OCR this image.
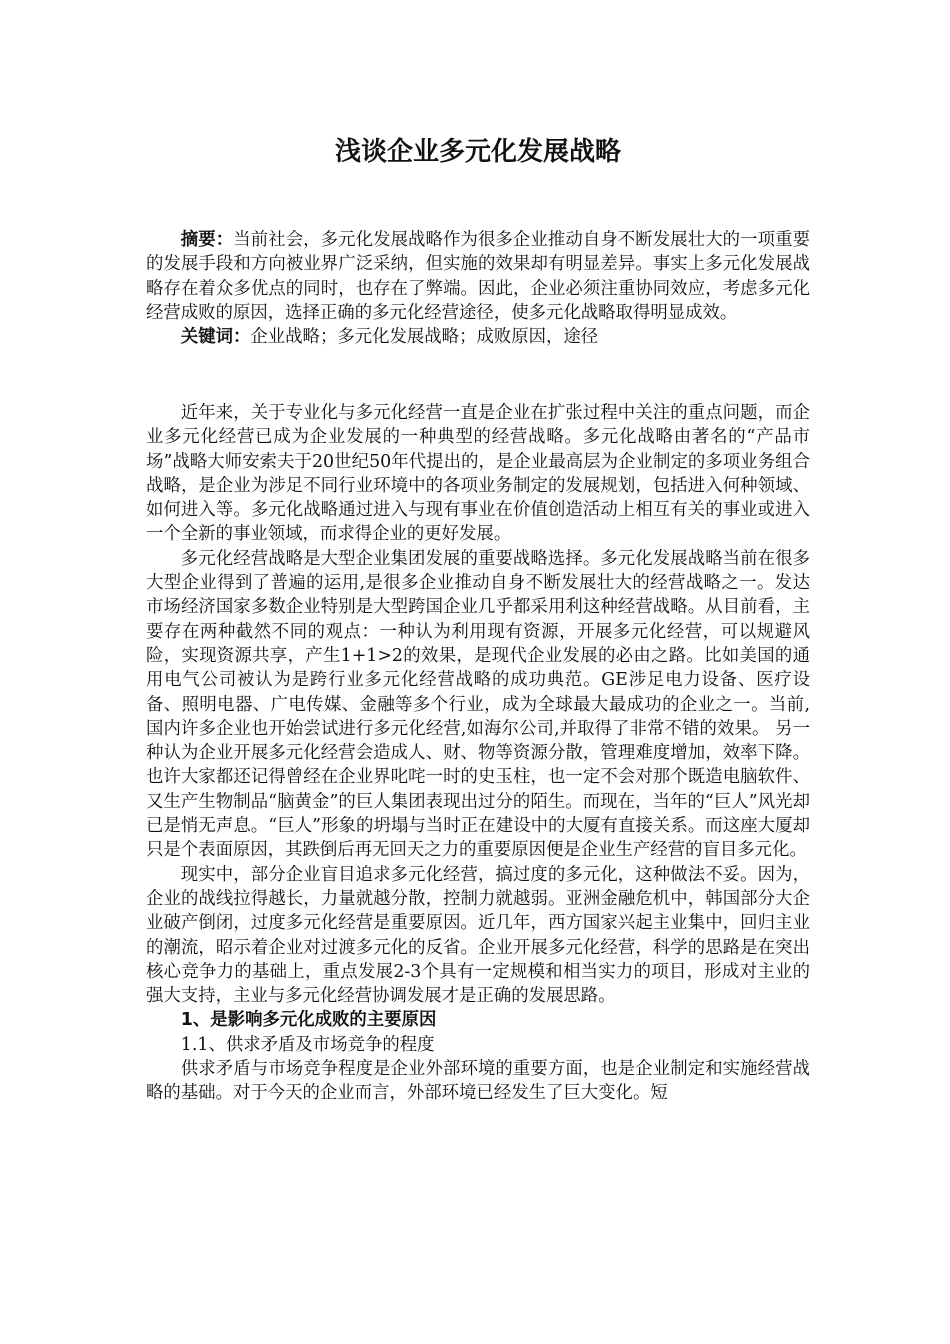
浅谈企业多元化发展战略

摘要：当前社会，多元化发展战略作为很多企业推动自身不断发展壮大的一项重要的发展手段和方向被业界广泛采纳，但实施的效果却有明显差异。事实上多元化发展战略存在着众多优点的同时，也存在了弊端。因此，企业必须注重协同效应，考虑多元化经营成败的原因，选择正确的多元化经营途径，使多元化战略取得明显成效。

关键词：企业战略；多元化发展战略；成败原因，途径

近年来，关于专业化与多元化经营一直是企业在扩张过程中关注的重点问题，而企业多元化经营已成为企业发展的一种典型的经营战略。多元化战略由著名的“产品市场”战略大师安索夫于20世纪50年代提出的，是企业最高层为企业制定的多项业务组合战略，是企业为涉足不同行业环境中的各项业务制定的发展规划，包括进入何种领域、如何进入等。多元化战略通过进入与现有事业在价值创造活动上相互有关的事业或进入一个全新的事业领域，而求得企业的更好发展。

多元化经营战略是大型企业集团发展的重要战略选择。多元化发展战略当前在很多大型企业得到了普遍的运用,是很多企业推动自身不断发展壮大的经营战略之一。发达市场经济国家多数企业特别是大型跨国企业几乎都采用利这种经营战略。从目前看，主要存在两种截然不同的观点：一种认为利用现有资源，开展多元化经营，可以规避风险，实现资源共享，产生1+1>2的效果，是现代企业发展的必由之路。比如美国的通用电气公司被认为是跨行业多元化经营战略的成功典范。GE涉足电力设备、医疗设备、照明电器、广电传媒、金融等多个行业，成为全球最大最成功的企业之一。当前,国内许多企业也开始尝试进行多元化经营,如海尔公司,并取得了非常不错的效果。 另一种认为企业开展多元化经营会造成人、财、物等资源分散，管理难度增加，效率下降。也许大家都还记得曾经在企业界叱咤一时的史玉柱，也一定不会对那个既造电脑软件、又生产生物制品“脑黄金”的巨人集团表现出过分的陌生。而现在，当年的“巨人”风光却已是悄无声息。“巨人”形象的坍塌与当时正在建设中的大厦有直接关系。而这座大厦却只是个表面原因，其跌倒后再无回天之力的重要原因便是企业生产经营的盲目多元化。

现实中，部分企业盲目追求多元化经营，搞过度的多元化，这种做法不妥。因为，企业的战线拉得越长，力量就越分散，控制力就越弱。亚洲金融危机中，韩国部分大企业破产倒闭，过度多元化经营是重要原因。近几年，西方国家兴起主业集中，回归主业的潮流，昭示着企业对过渡多元化的反省。企业开展多元化经营，科学的思路是在突出核心竞争力的基础上，重点发展2-3个具有一定规模和相当实力的项目，形成对主业的强大支持，主业与多元化经营协调发展才是正确的发展思路。

1、是影响多元化成败的主要原因

1.1、供求矛盾及市场竞争的程度

供求矛盾与市场竞争程度是企业外部环境的重要方面，也是企业制定和实施经营战略的基础。对于今天的企业而言，外部环境已经发生了巨大变化。短
